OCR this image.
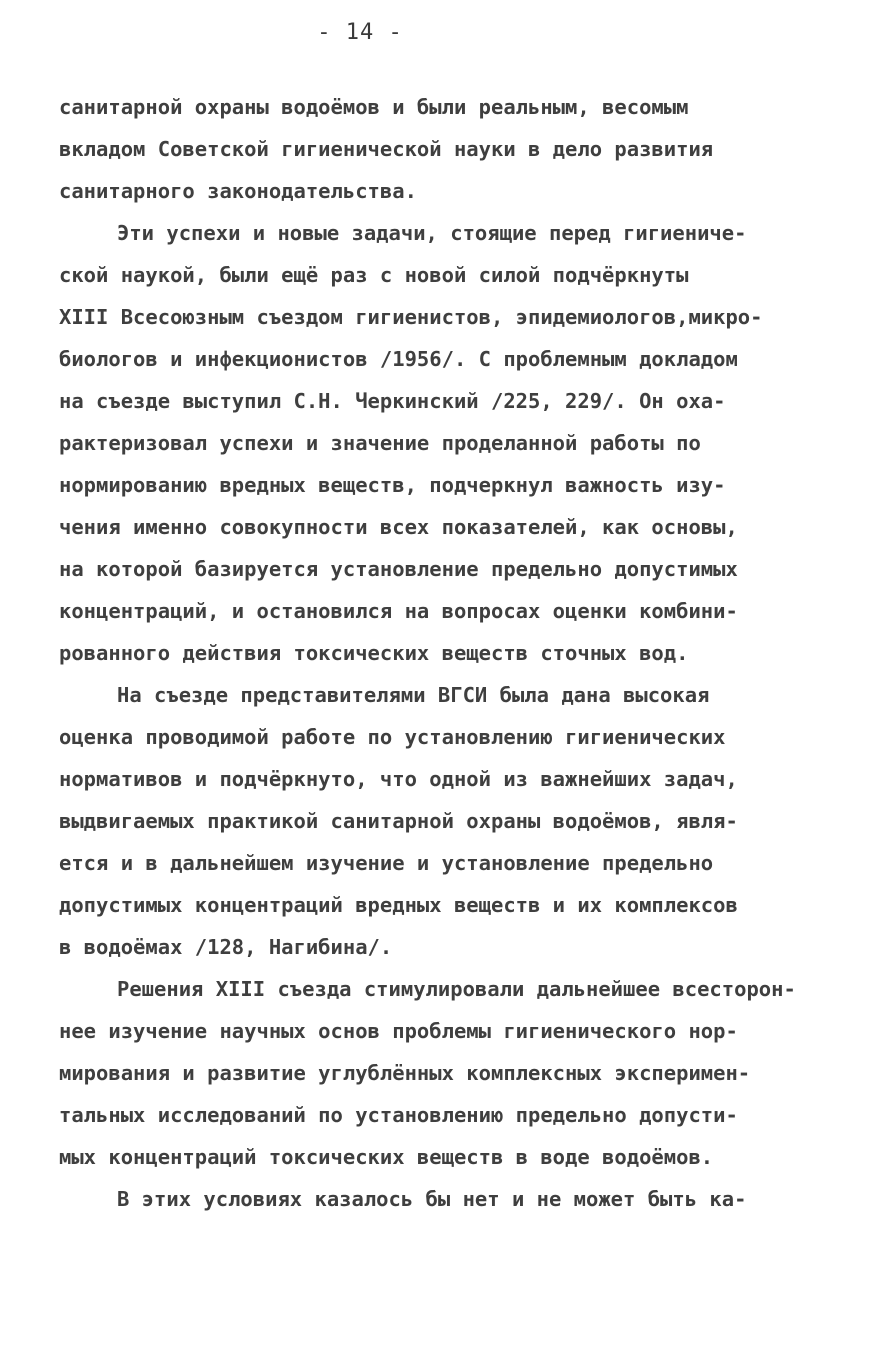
- 14 -
санитарной охраны водоёмов и были реальным, весомым
вкладом Советской гигиенической науки в дело развития
санитарного законодательства.
Эти успехи и новые задачи, стоящие перед гигиениче-
ской наукой, были ещё раз с новой силой подчёркнуты
XIII Всесоюзным съездом гигиенистов, эпидемиологов,микро-
биологов и инфекционистов /1956/. С проблемным докладом
на съезде выступил С.Н. Черкинский /225, 229/. Он оха-
рактеризовал успехи и значение проделанной работы по
нормированию вредных веществ, подчеркнул важность изу-
чения именно совокупности всех показателей, как основы,
на которой базируется установление предельно допустимых
концентраций, и остановился на вопросах оценки комбини-
рованного действия токсических веществ сточных вод.
На съезде представителями ВГСИ была дана высокая
оценка проводимой работе по установлению гигиенических
нормативов и подчёркнуто, что одной из важнейших задач,
выдвигаемых практикой санитарной охраны водоёмов, явля-
ется и в дальнейшем изучение и установление предельно
допустимых концентраций вредных веществ и их комплексов
в водоёмах /128, Нагибина/.
Решения XIII съезда стимулировали дальнейшее всесторон-
нее изучение научных основ проблемы гигиенического нор-
мирования и развитие углублённых комплексных эксперимен-
тальных исследований по установлению предельно допусти-
мых концентраций токсических веществ в воде водоёмов.
В этих условиях казалось бы нет и не может быть ка-
